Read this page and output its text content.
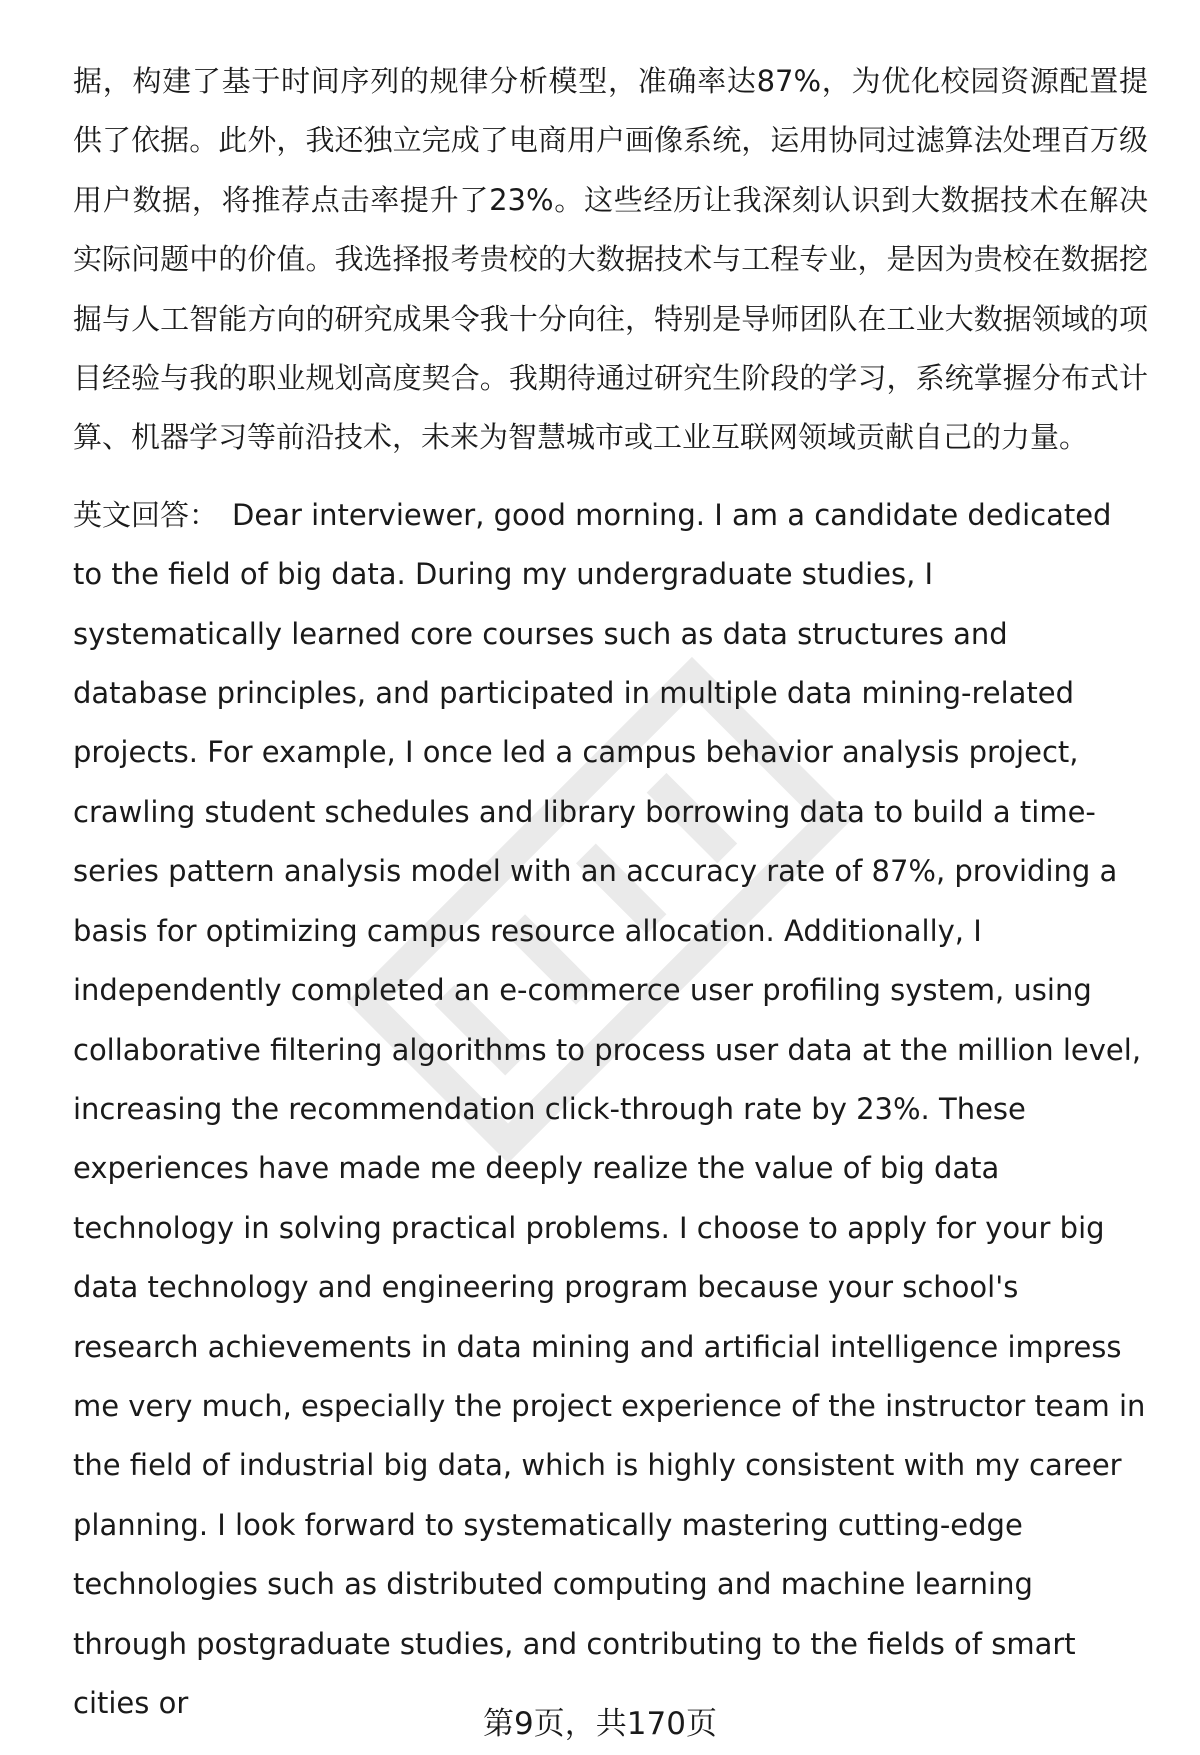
据，构建了基于时间序列的规律分析模型，准确率达87%，为优化校园资源配置提供了依据。此外，我还独立完成了电商用户画像系统，运用协同过滤算法处理百万级用户数据，将推荐点击率提升了23%。这些经历让我深刻认识到大数据技术在解决实际问题中的价值。我选择报考贵校的大数据技术与工程专业，是因为贵校在数据挖掘与人工智能方向的研究成果令我十分向往，特别是导师团队在工业大数据领域的项目经验与我的职业规划高度契合。我期待通过研究生阶段的学习，系统掌握分布式计算、机器学习等前沿技术，未来为智慧城市或工业互联网领域贡献自己的力量。

英文回答： Dear interviewer, good morning. I am a candidate dedicated to the field of big data. During my undergraduate studies, I systematically learned core courses such as data structures and database principles, and participated in multiple data mining-related projects. For example, I once led a campus behavior analysis project, crawling student schedules and library borrowing data to build a time-series pattern analysis model with an accuracy rate of 87%, providing a basis for optimizing campus resource allocation. Additionally, I independently completed an e-commerce user profiling system, using collaborative filtering algorithms to process user data at the million level, increasing the recommendation click-through rate by 23%. These experiences have made me deeply realize the value of big data technology in solving practical problems. I choose to apply for your big data technology and engineering program because your school's research achievements in data mining and artificial intelligence impress me very much, especially the project experience of the instructor team in the field of industrial big data, which is highly consistent with my career planning. I look forward to systematically mastering cutting-edge technologies such as distributed computing and machine learning through postgraduate studies, and contributing to the fields of smart cities or

第9页，共170页
